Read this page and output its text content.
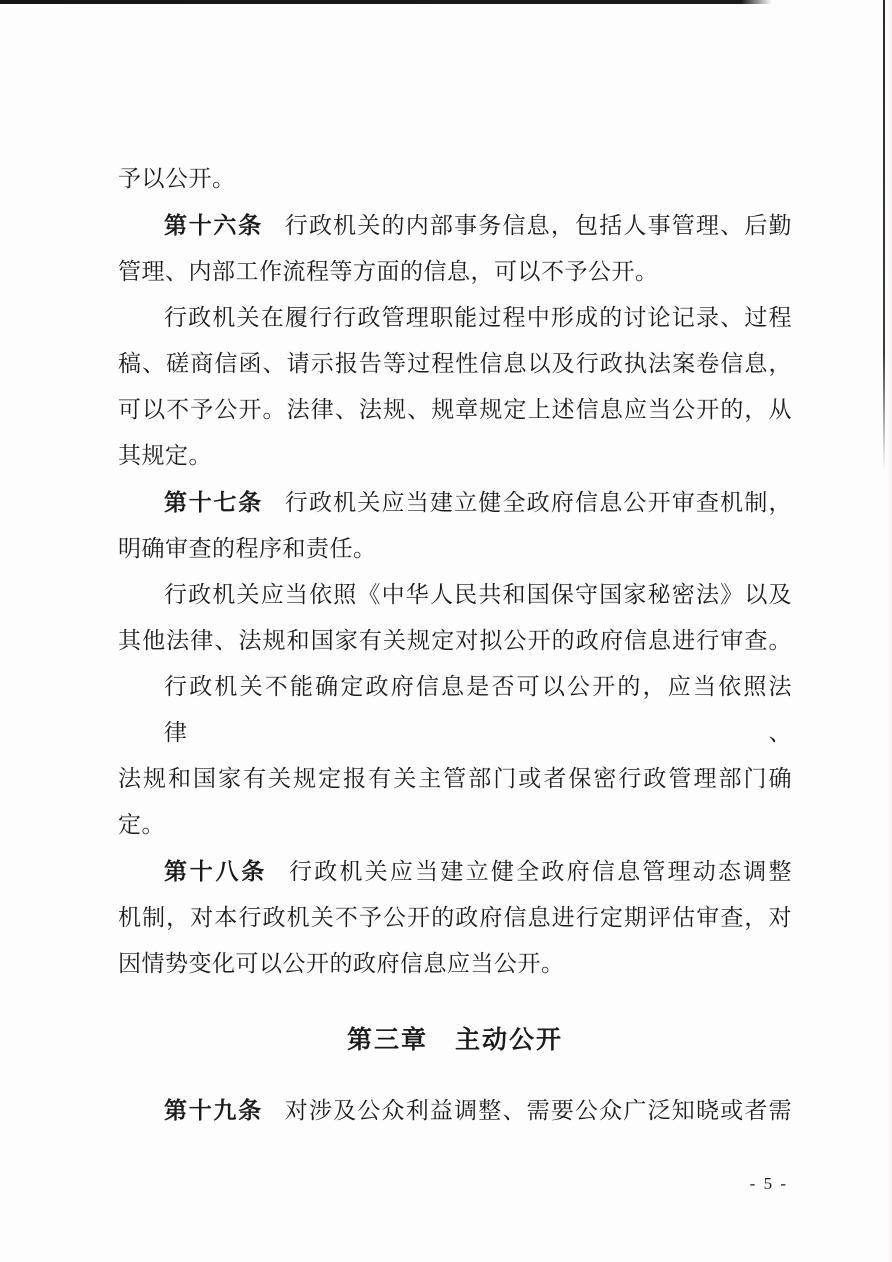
予以公开。
第十六条 行政机关的内部事务信息，包括人事管理、后勤
管理、内部工作流程等方面的信息，可以不予公开。
行政机关在履行行政管理职能过程中形成的讨论记录、过程
稿、磋商信函、请示报告等过程性信息以及行政执法案卷信息，
可以不予公开。法律、法规、规章规定上述信息应当公开的，从
其规定。
第十七条 行政机关应当建立健全政府信息公开审查机制，
明确审查的程序和责任。
行政机关应当依照《中华人民共和国保守国家秘密法》以及
其他法律、法规和国家有关规定对拟公开的政府信息进行审查。
行政机关不能确定政府信息是否可以公开的，应当依照法律、
法规和国家有关规定报有关主管部门或者保密行政管理部门确
定。
第十八条 行政机关应当建立健全政府信息管理动态调整
机制，对本行政机关不予公开的政府信息进行定期评估审查，对
因情势变化可以公开的政府信息应当公开。
第三章　主动公开
第十九条 对涉及公众利益调整、需要公众广泛知晓或者需
- 5 -
